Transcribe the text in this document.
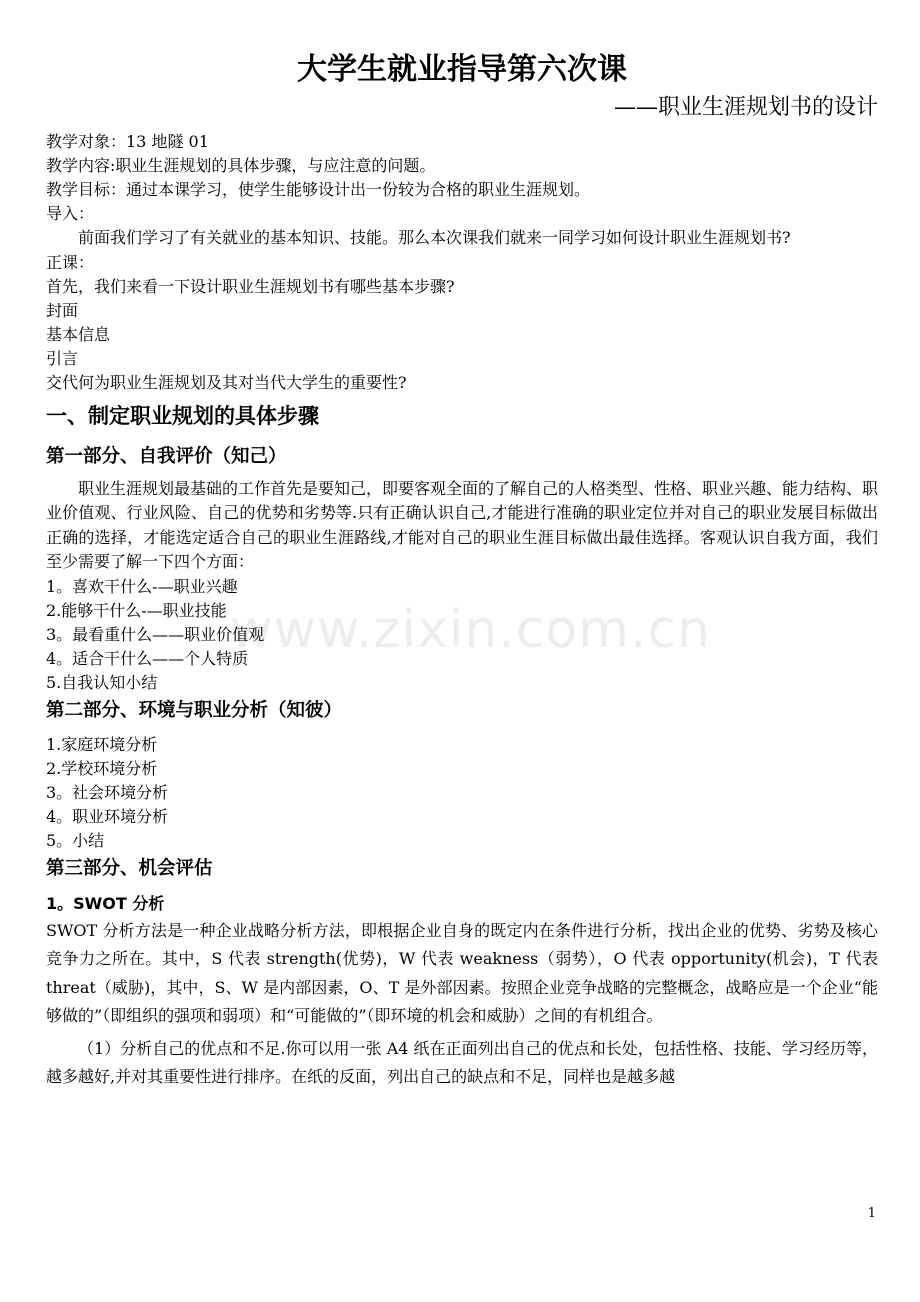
大学生就业指导第六次课

——职业生涯规划书的设计

教学对象：13 地隧 01

教学内容:职业生涯规划的具体步骤，与应注意的问题。

教学目标：通过本课学习，使学生能够设计出一份较为合格的职业生涯规划。

导入：

前面我们学习了有关就业的基本知识、技能。那么本次课我们就来一同学习如何设计职业生涯规划书?

正课：

首先，我们来看一下设计职业生涯规划书有哪些基本步骤?

封面

基本信息

引言

交代何为职业生涯规划及其对当代大学生的重要性?

一、制定职业规划的具体步骤
第一部分、自我评价（知己）

职业生涯规划最基础的工作首先是要知己，即要客观全面的了解自己的人格类型、性格、职业兴趣、能力结构、职业价值观、行业风险、自己的优势和劣势等.只有正确认识自己,才能进行准确的职业定位并对自己的职业发展目标做出正确的选择，才能选定适合自己的职业生涯路线,才能对自己的职业生涯目标做出最佳选择。客观认识自我方面，我们至少需要了解一下四个方面：

1。喜欢干什么-—职业兴趣

2.能够干什么-—职业技能

3。最看重什么——职业价值观

4。适合干什么——个人特质

5.自我认知小结

第二部分、环境与职业分析（知彼）

1.家庭环境分析

2.学校环境分析

3。社会环境分析

4。职业环境分析

5。小结

第三部分、机会评估

1。SWOT 分析

SWOT 分析方法是一种企业战略分析方法，即根据企业自身的既定内在条件进行分析，找出企业的优势、劣势及核心竞争力之所在。其中，S 代表 strength(优势)，W 代表 weakness（弱势），O 代表 opportunity(机会)，T 代表 threat（威胁)，其中，S、W 是内部因素，O、T 是外部因素。按照企业竞争战略的完整概念，战略应是一个企业“能够做的”（即组织的强项和弱项）和“可能做的”（即环境的机会和威胁）之间的有机组合。

（1）分析自己的优点和不足.你可以用一张 A4 纸在正面列出自己的优点和长处，包括性格、技能、学习经历等，越多越好,并对其重要性进行排序。在纸的反面，列出自己的缺点和不足，同样也是越多越

www.zixin.com.cn
1
